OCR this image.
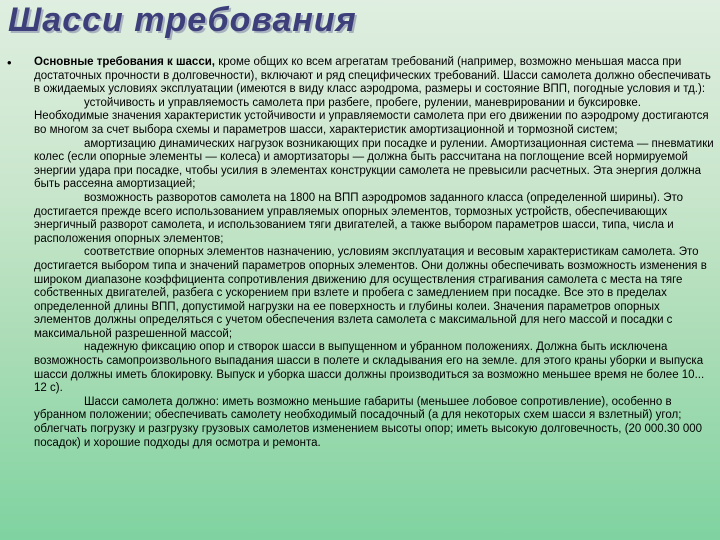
Шасси требования
• Основные требования к шасси, кроме общих ко всем агрегатам требований (например, возможно меньшая масса при достаточных прочности в долговечности), включают и ряд специфических требований. Шасси самолета должно обеспечивать в ожидаемых условиях эксплуатации (имеются в виду класс аэродрома, размеры и состояние ВПП, погодные условия и тд.):

устойчивость и управляемость самолета при разбеге, пробеге, рулении, маневрировании и буксировке. Необходимые значения характеристик устойчивости и управляемости самолета при его движении по аэродрому достигаются во многом за счет выбора схемы и параметров шасси, характеристик амортизационной и тормозной систем;

амортизацию динамических нагрузок возникающих при посадке и рулении. Амортизационная система — пневматики колес (если опорные элементы — колеса) и амортизаторы — должна быть рассчитана на поглощение всей нормируемой энергии удара при посадке, чтобы усилия в элементах конструкции самолета не превысили расчетных. Эта энергия должна быть рассеяна амортизацией;

возможность разворотов самолета на 1800 на ВПП аэродромов заданного класса (определенной ширины). Это достигается прежде всего использованием управляемых опорных элементов, тормозных устройств, обеспечивающих энергичный разворот самолета, и использованием тяги двигателей, а также выбором параметров шасси, типа, числа и расположения опорных элементов;

соответствие опорных элементов назначению, условиям эксплуатация и весовым характеристикам самолета. Это достигается выбором типа и значений параметров опорных элементов. Они должны обеспечивать возможность изменения в широком диапазоне коэффициента сопротивления движению для осуществления страгивания самолета с места на тяге собственных двигателей, разбега с ускорением при взлете и пробега с замедлением при посадке. Все это в пределах определенной длины ВПП, допустимой нагрузки на ее поверхность и глубины колеи. Значения параметров опорных элементов должны определяться с учетом обеспечения взлета самолета с максимальной для него массой и посадки с максимальной разрешенной массой;

надежную фиксацию опор и створок шасси в выпущенном и убранном положениях. Должна быть исключена возможность самопроизвольного выпадания шасси в полете и складывания его на земле. для этого краны уборки и выпуска шасси должны иметь блокировку. Выпуск и уборка шасси должны производиться за возможно меньшее время не более 10... 12 с).

Шасси самолета должно: иметь возможно меньшие габариты (меньшее лобовое сопротивление), особенно в убранном положении; обеспечивать самолету необходимый посадочный (а для некоторых схем шасси я взлетный) угол; облегчать погрузку и разгрузку грузовых самолетов изменением высоты опор; иметь высокую долговечность, (20 000.30 000 посадок) и хорошие подходы для осмотра и ремонта.
